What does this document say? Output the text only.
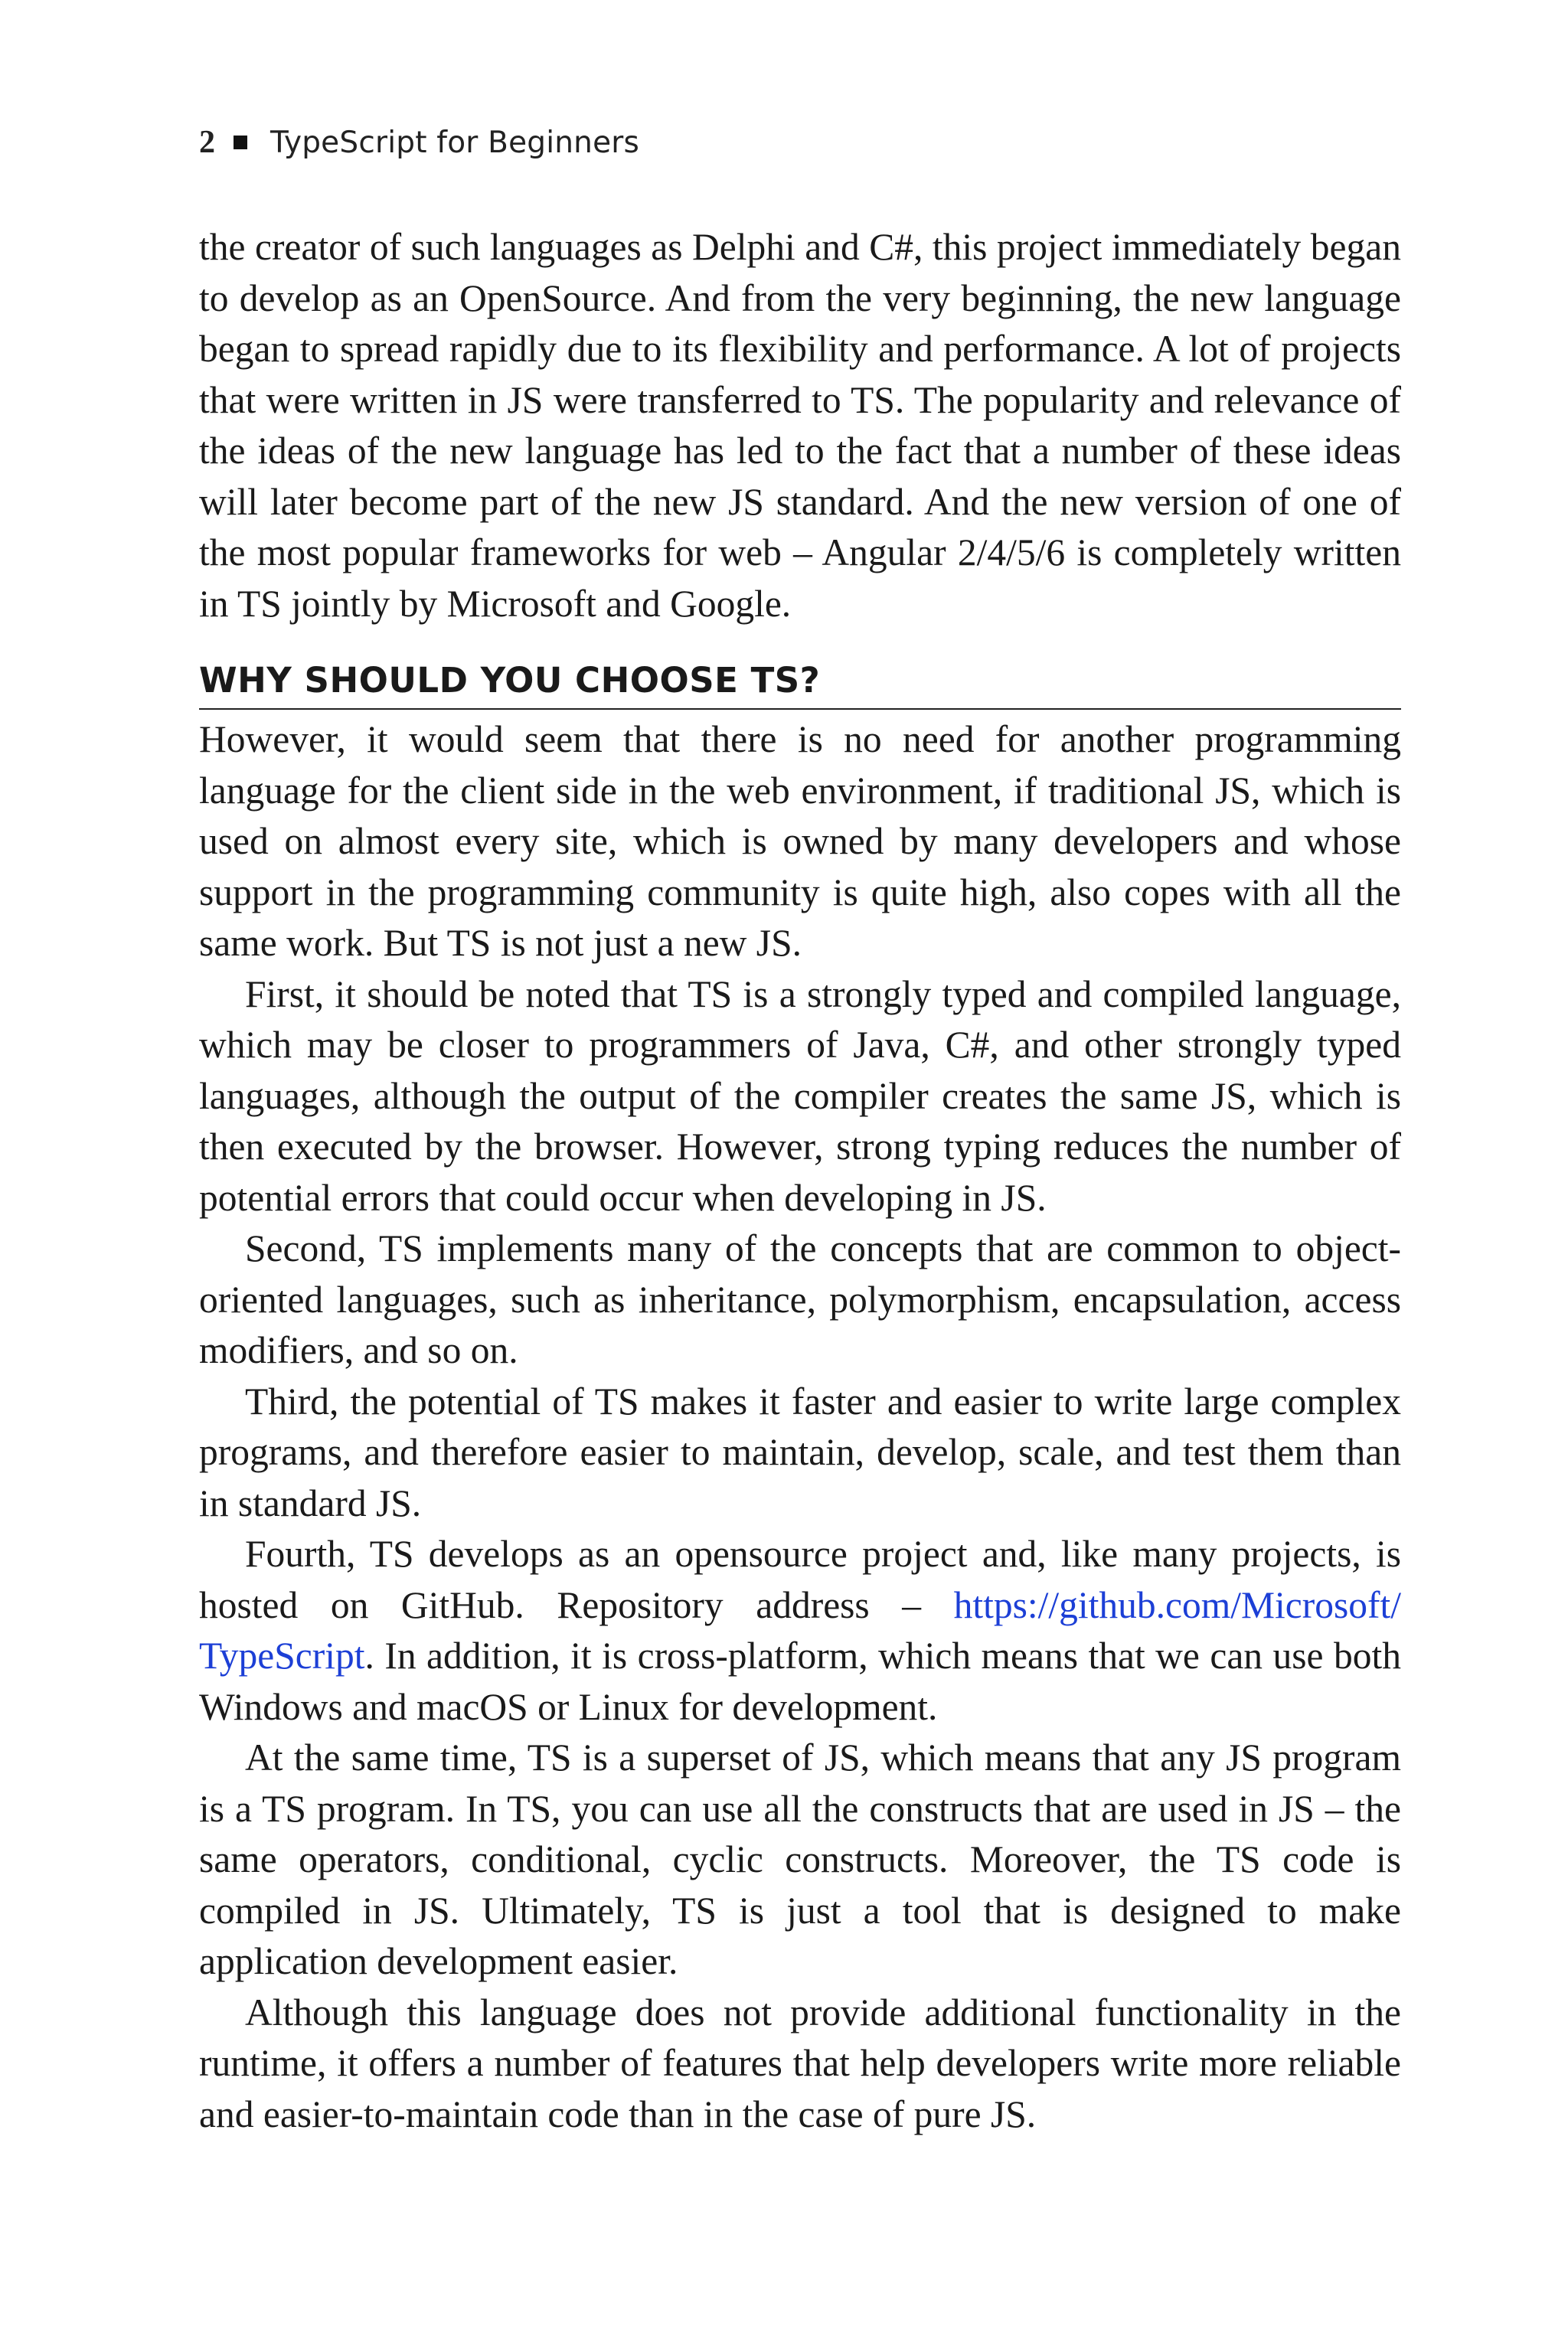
2 TypeScript for Beginners

the creator of such languages as Delphi and C#, this project immediately began to develop as an OpenSource. And from the very beginning, the new language began to spread rapidly due to its flexibility and performance. A lot of projects that were written in JS were transferred to TS. The popularity and relevance of the ideas of the new language has led to the fact that a number of these ideas will later become part of the new JS standard. And the new version of one of the most popular frameworks for web – Angular 2/4/5/6 is completely written in TS jointly by Microsoft and Google.

WHY SHOULD YOU CHOOSE TS?

However, it would seem that there is no need for another programming language for the client side in the web environment, if traditional JS, which is used on almost every site, which is owned by many developers and whose support in the programming community is quite high, also copes with all the same work. But TS is not just a new JS.

First, it should be noted that TS is a strongly typed and compiled language, which may be closer to programmers of Java, C#, and other strongly typed languages, although the output of the compiler creates the same JS, which is then executed by the browser. However, strong typing reduces the number of potential errors that could occur when developing in JS.

Second, TS implements many of the concepts that are common to object-oriented languages, such as inheritance, polymorphism, encapsulation, access modifiers, and so on.

Third, the potential of TS makes it faster and easier to write large complex programs, and therefore easier to maintain, develop, scale, and test them than in standard JS.

Fourth, TS develops as an opensource project and, like many projects, is hosted on GitHub. Repository address – https://github.com/Microsoft/​TypeScript. In addition, it is cross-platform, which means that we can use both Windows and macOS or Linux for development.

At the same time, TS is a superset of JS, which means that any JS program is a TS program. In TS, you can use all the constructs that are used in JS – the same operators, conditional, cyclic constructs. Moreover, the TS code is compiled in JS. Ultimately, TS is just a tool that is designed to make application development easier.

Although this language does not provide additional functionality in the runtime, it offers a number of features that help developers write more reliable and easier-to-maintain code than in the case of pure JS.
